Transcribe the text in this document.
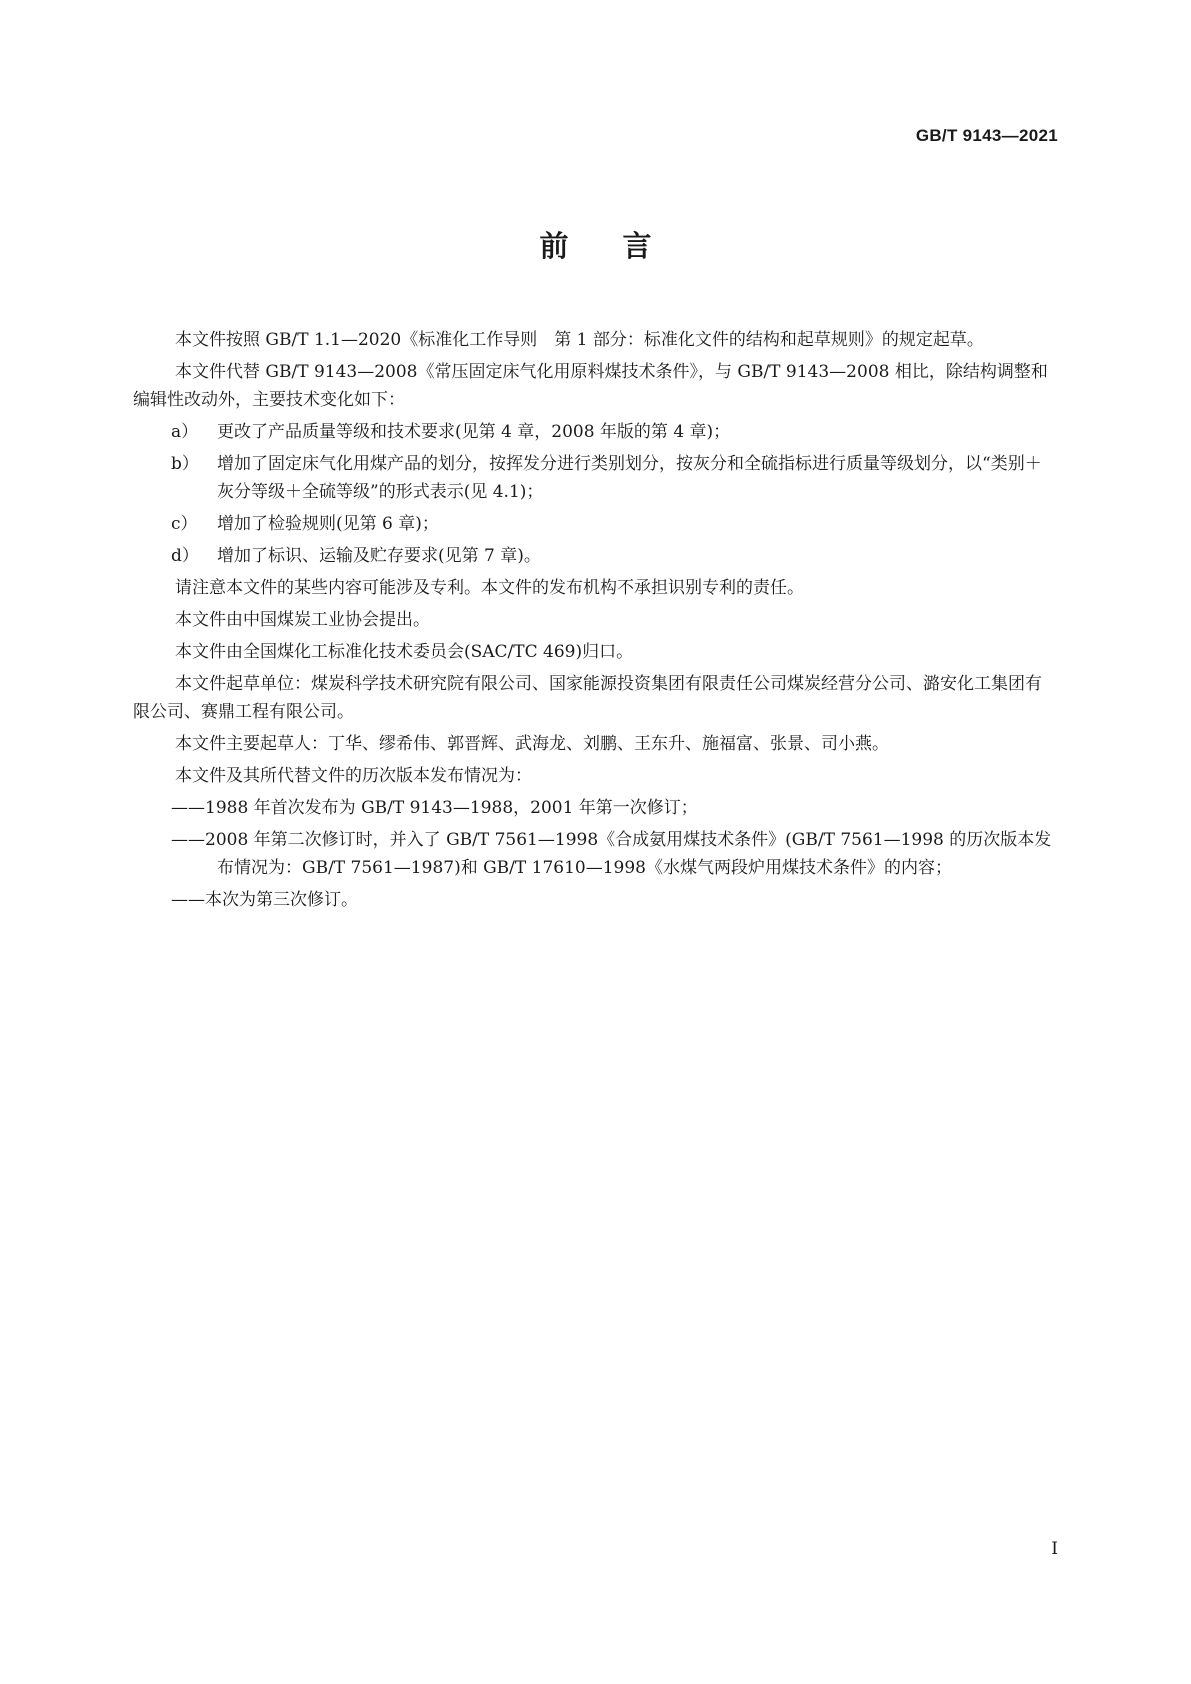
GB/T 9143—2021
前言

本文件按照 GB/T 1.1—2020《标准化工作导则　第 1 部分：标准化文件的结构和起草规则》的规定起草。

本文件代替 GB/T 9143—2008《常压固定床气化用原料煤技术条件》，与 GB/T 9143—2008 相比，除结构调整和编辑性改动外，主要技术变化如下：

a） 更改了产品质量等级和技术要求(见第 4 章，2008 年版的第 4 章)；

b） 增加了固定床气化用煤产品的划分，按挥发分进行类别划分，按灰分和全硫指标进行质量等级划分，以“类别＋灰分等级＋全硫等级”的形式表示(见 4.1)；

c） 增加了检验规则(见第 6 章)；

d） 增加了标识、运输及贮存要求(见第 7 章)。

请注意本文件的某些内容可能涉及专利。本文件的发布机构不承担识别专利的责任。

本文件由中国煤炭工业协会提出。

本文件由全国煤化工标准化技术委员会(SAC/TC 469)归口。

本文件起草单位：煤炭科学技术研究院有限公司、国家能源投资集团有限责任公司煤炭经营分公司、潞安化工集团有限公司、赛鼎工程有限公司。

本文件主要起草人：丁华、缪希伟、郭晋辉、武海龙、刘鹏、王东升、施福富、张景、司小燕。

本文件及其所代替文件的历次版本发布情况为：

——1988 年首次发布为 GB/T 9143—1988，2001 年第一次修订；

——2008 年第二次修订时，并入了 GB/T 7561—1998《合成氨用煤技术条件》(GB/T 7561—1998 的历次版本发布情况为：GB/T 7561—1987)和 GB/T 17610—1998《水煤气两段炉用煤技术条件》的内容；

——本次为第三次修订。

I
